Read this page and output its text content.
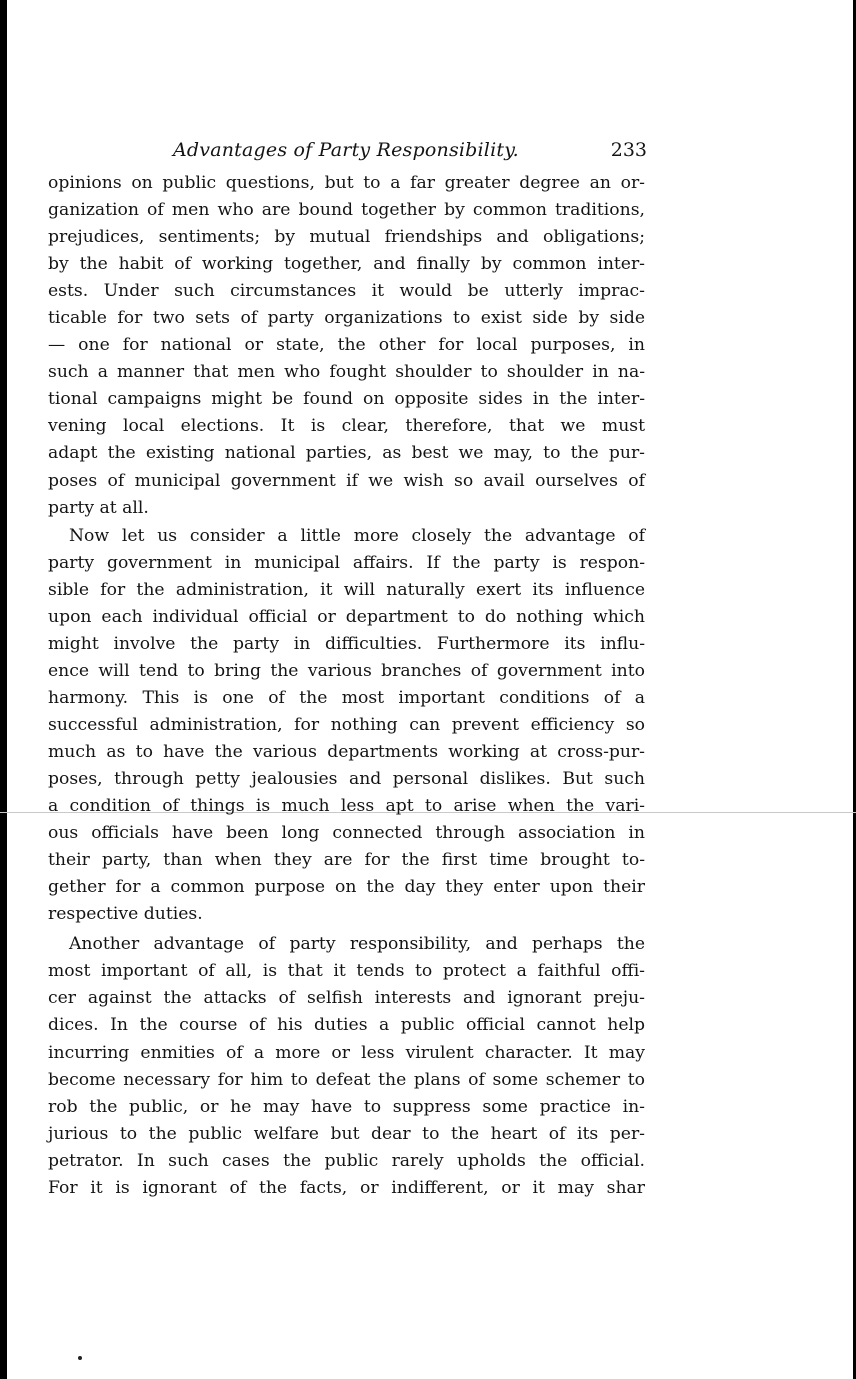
Advantages of Party Responsibility.	233
opinions on public questions, but to a far greater degree an or-
ganization of men who are bound together by common traditions,
prejudices, sentiments; by mutual friendships and obligations;
by the habit of working together, and finally by common inter-
ests. Under such circumstances it would be utterly imprac-
ticable for two sets of party organizations to exist side by side
— one for national or state, the other for local purposes, in
such a manner that men who fought shoulder to shoulder in na-
tional campaigns might be found on opposite sides in the inter-
vening local elections. It is clear, therefore, that we must
adapt the existing national parties, as best we may, to the pur-
poses of municipal government if we wish so avail ourselves of
party at all.
Now let us consider a little more closely the advantage of
party government in municipal affairs. If the party is respon-
sible for the administration, it will naturally exert its influence
upon each individual official or department to do nothing which
might involve the party in difficulties. Furthermore its influ-
ence will tend to bring the various branches of government into
harmony. This is one of the most important conditions of a
successful administration, for nothing can prevent efficiency so
much as to have the various departments working at cross-pur-
poses, through petty jealousies and personal dislikes. But such
a condition of things is much less apt to arise when the vari-
ous officials have been long connected through association in
their party, than when they are for the first time brought to-
gether for a common purpose on the day they enter upon their
respective duties.
Another advantage of party responsibility, and perhaps the
most important of all, is that it tends to protect a faithful offi-
cer against the attacks of selfish interests and ignorant preju-
dices. In the course of his duties a public official cannot help
incurring enmities of a more or less virulent character. It may
become necessary for him to defeat the plans of some schemer to
rob the public, or he may have to suppress some practice in-
jurious to the public welfare but dear to the heart of its per-
petrator. In such cases the public rarely upholds the official.
For it is ignorant of the facts, or indifferent, or it may shar
